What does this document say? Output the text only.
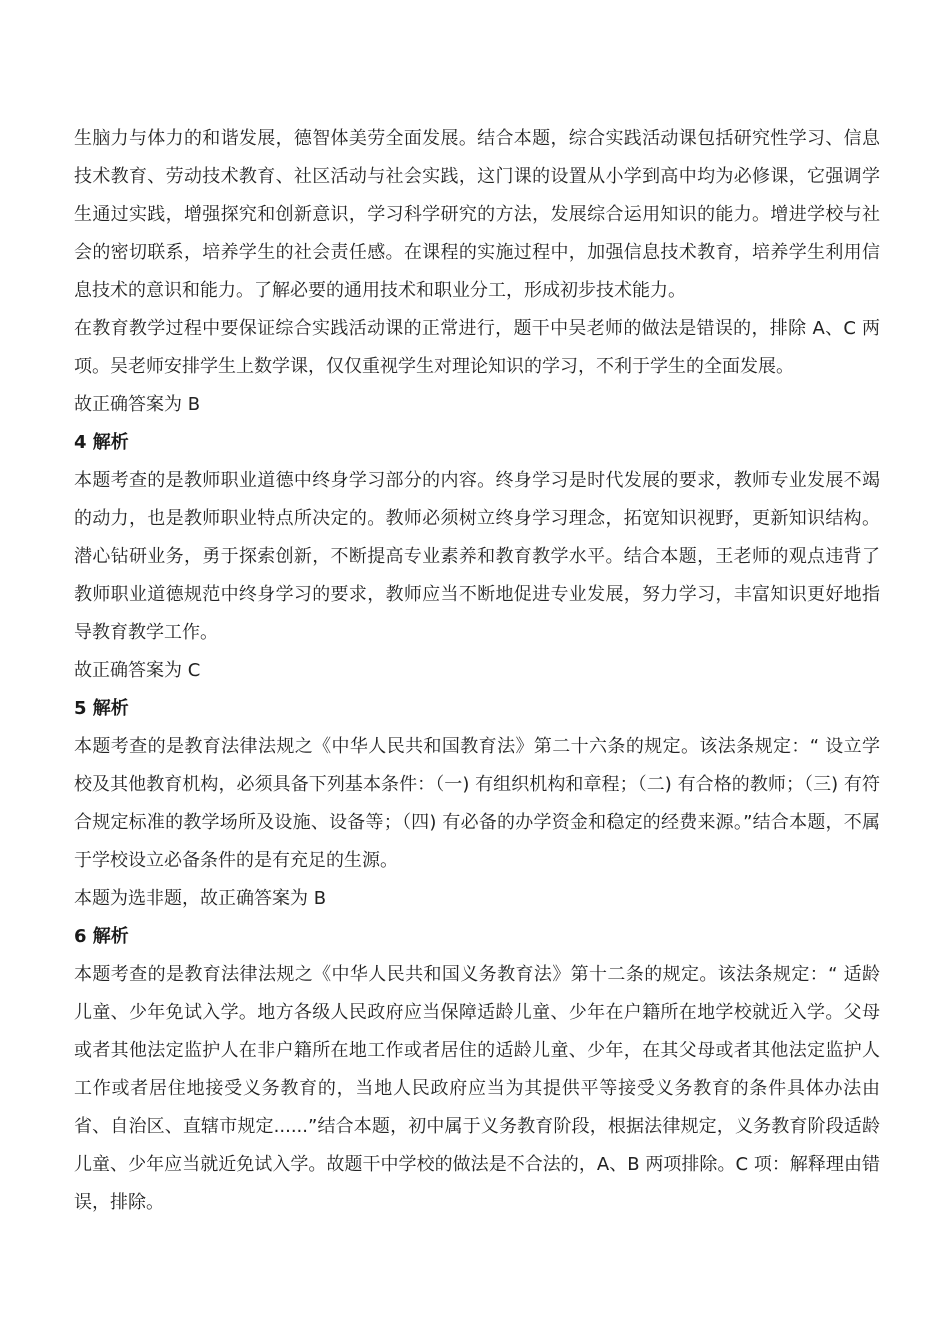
生脑力与体力的和谐发展，德智体美劳全面发展。结合本题，综合实践活动课包括研究性学习、信息技术教育、劳动技术教育、社区活动与社会实践，这门课的设置从小学到高中均为必修课，它强调学生通过实践，增强探究和创新意识，学习科学研究的方法，发展综合运用知识的能力。增进学校与社会的密切联系，培养学生的社会责任感。在课程的实施过程中，加强信息技术教育，培养学生利用信息技术的意识和能力。了解必要的通用技术和职业分工，形成初步技术能力。

在教育教学过程中要保证综合实践活动课的正常进行，题干中吴老师的做法是错误的，排除 A、C 两项。吴老师安排学生上数学课，仅仅重视学生对理论知识的学习，不利于学生的全面发展。

故正确答案为 B

4 解析

本题考查的是教师职业道德中终身学习部分的内容。终身学习是时代发展的要求，教师专业发展不竭的动力，也是教师职业特点所决定的。教师必须树立终身学习理念，拓宽知识视野，更新知识结构。潜心钻研业务，勇于探索创新，不断提高专业素养和教育教学水平。结合本题，王老师的观点违背了教师职业道德规范中终身学习的要求，教师应当不断地促进专业发展，努力学习，丰富知识更好地指导教育教学工作。

故正确答案为 C

5 解析

本题考查的是教育法律法规之《中华人民共和国教育法》第二十六条的规定。该法条规定：“ 设立学校及其他教育机构，必须具备下列基本条件：（一) 有组织机构和章程；（二) 有合格的教师；（三) 有符合规定标准的教学场所及设施、设备等；（四) 有必备的办学资金和稳定的经费来源。”结合本题，不属于学校设立必备条件的是有充足的生源。

本题为选非题，故正确答案为 B

6 解析

本题考查的是教育法律法规之《中华人民共和国义务教育法》第十二条的规定。该法条规定：“ 适龄儿童、少年免试入学。地方各级人民政府应当保障适龄儿童、少年在户籍所在地学校就近入学。父母或者其他法定监护人在非户籍所在地工作或者居住的适龄儿童、少年，在其父母或者其他法定监护人工作或者居住地接受义务教育的，当地人民政府应当为其提供平等接受义务教育的条件具体办法由省、自治区、直辖市规定......”结合本题，初中属于义务教育阶段，根据法律规定，义务教育阶段适龄儿童、少年应当就近免试入学。故题干中学校的做法是不合法的，A、B 两项排除。C 项：解释理由错误，排除。
